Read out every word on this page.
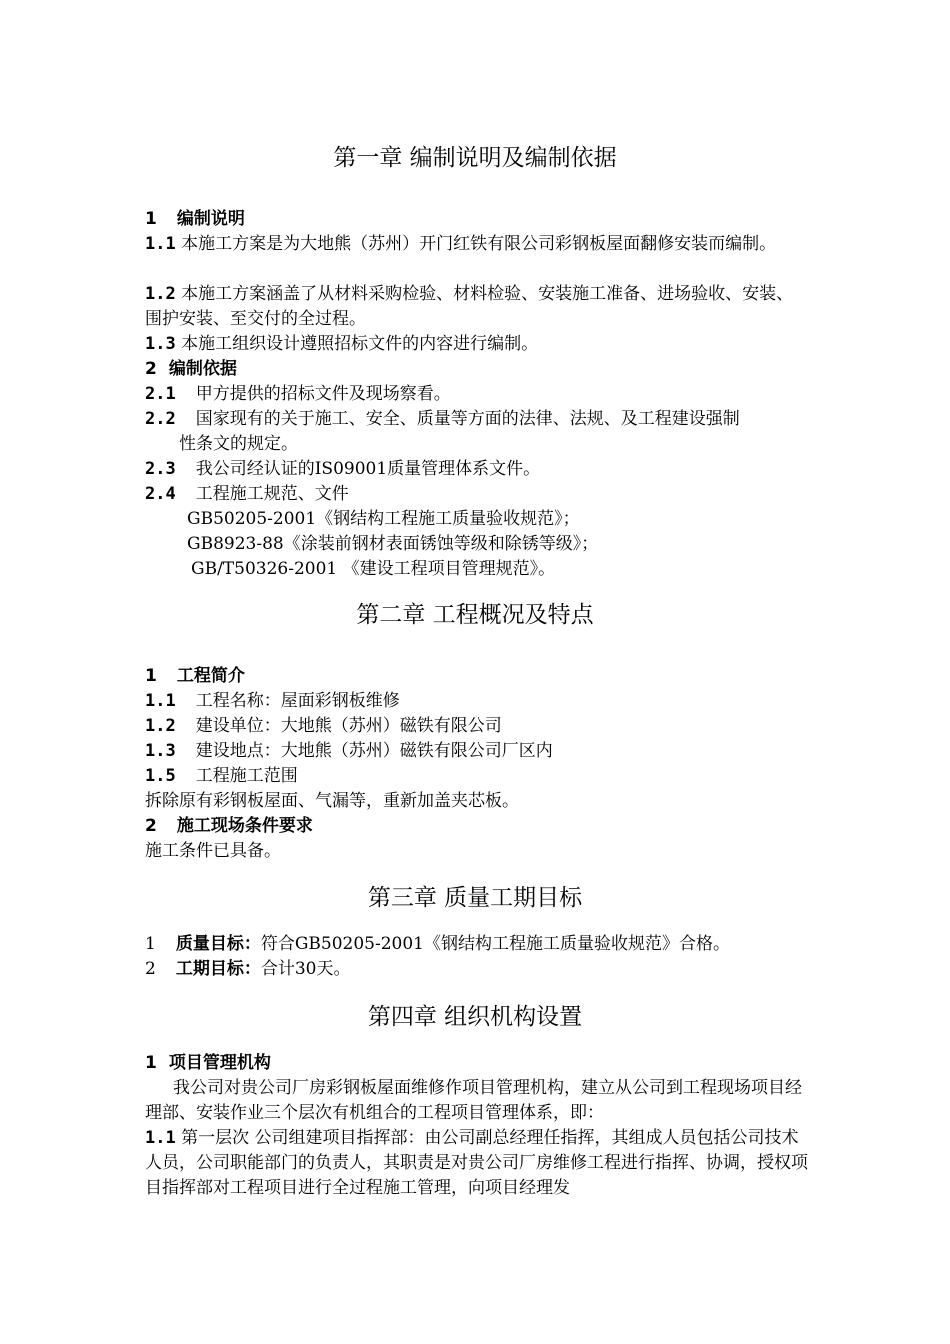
第一章 编制说明及编制依据
1 编制说明
1.1 本施工方案是为大地熊（苏州）开门红铁有限公司彩钢板屋面翻修安装而编制。
1.2 本施工方案涵盖了从材料采购检验、材料检验、安装施工准备、进场验收、安装、围护安装、至交付的全过程。
1.3 本施工组织设计遵照招标文件的内容进行编制。
2 编制依据
2.1 甲方提供的招标文件及现场察看。
2.2 国家现有的关于施工、安全、质量等方面的法律、法规、及工程建设强制
性条文的规定。
2.3 我公司经认证的IS09001质量管理体系文件。
2.4 工程施工规范、文件
GB50205-2001《钢结构工程施工质量验收规范》；
GB8923-88《涂装前钢材表面锈蚀等级和除锈等级》；
GB/T50326-2001 《建设工程项目管理规范》。
第二章 工程概况及特点
1 工程简介
1.1 工程名称：屋面彩钢板维修
1.2 建设单位：大地熊（苏州）磁铁有限公司
1.3 建设地点：大地熊（苏州）磁铁有限公司厂区内
1.5 工程施工范围
拆除原有彩钢板屋面、气漏等，重新加盖夹芯板。
2 施工现场条件要求
施工条件已具备。
第三章 质量工期目标
1 质量目标：符合GB50205-2001《钢结构工程施工质量验收规范》合格。
2 工期目标：合计30天。
第四章 组织机构设置
1 项目管理机构
我公司对贵公司厂房彩钢板屋面维修作项目管理机构，建立从公司到工程现场项目经理部、安装作业三个层次有机组合的工程项目管理体系，即：
1.1 第一层次 公司组建项目指挥部：由公司副总经理任指挥，其组成人员包括公司技术人员，公司职能部门的负责人，其职责是对贵公司厂房维修工程进行指挥、协调，授权项目指挥部对工程项目进行全过程施工管理，向项目经理发
